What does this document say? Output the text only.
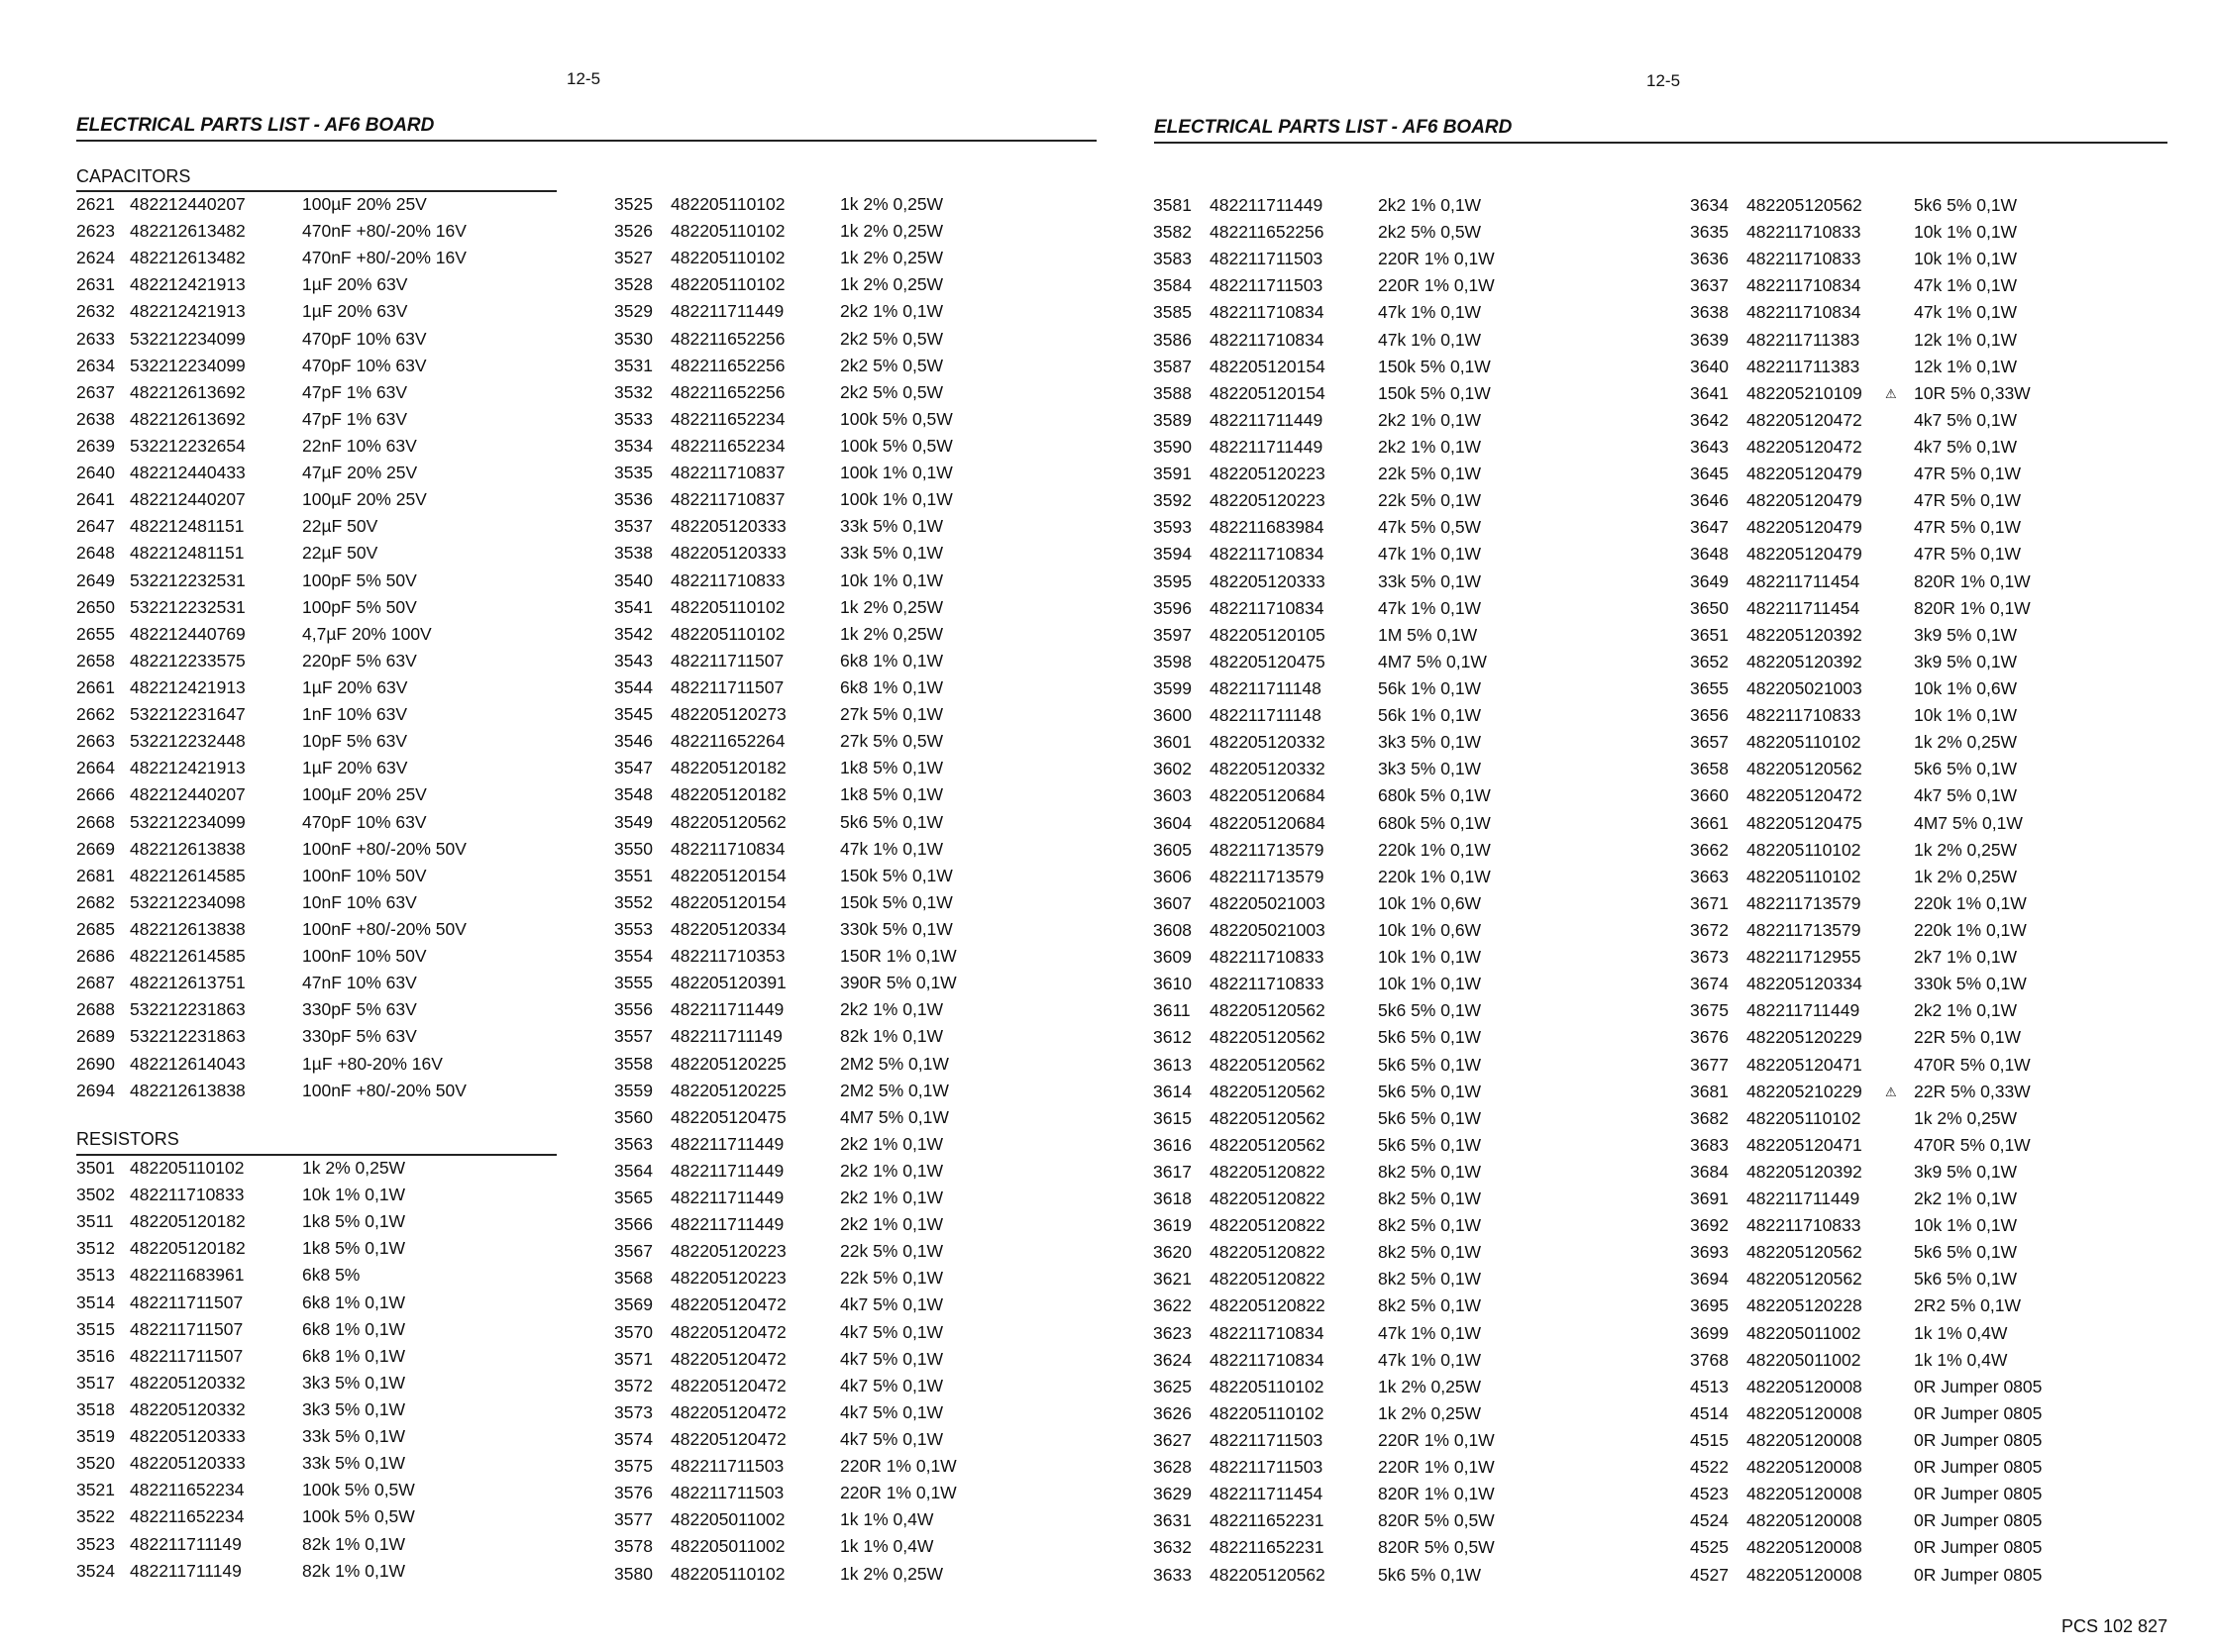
12-5
ELECTRICAL PARTS LIST - AF6 BOARD
CAPACITORS
2621 482212440207	100µF 20% 25V
2623 482212613482	470nF +80/-20% 16V
2624 482212613482	470nF +80/-20% 16V
2631 482212421913	1µF 20% 63V
2632 482212421913	1µF 20% 63V
2633 532212234099	470pF 10% 63V
2634 532212234099	470pF 10% 63V
2637 482212613692	47pF 1% 63V
2638 482212613692	47pF 1% 63V
2639 532212232654	22nF 10% 63V
2640 482212440433	47µF 20% 25V
2641 482212440207	100µF 20% 25V
2647 482212481151	22µF 50V
2648 482212481151	22µF 50V
2649 532212232531	100pF 5% 50V
2650 532212232531	100pF 5% 50V
2655 482212440769	4,7µF 20% 100V
2658 482212233575	220pF 5% 63V
2661 482212421913	1µF 20% 63V
2662 532212231647	1nF 10% 63V
2663 532212232448	10pF 5% 63V
2664 482212421913	1µF 20% 63V
2666 482212440207	100µF 20% 25V
2668 532212234099	470pF 10% 63V
2669 482212613838	100nF +80/-20% 50V
2681 482212614585	100nF 10% 50V
2682 532212234098	10nF 10% 63V
2685 482212613838	100nF +80/-20% 50V
2686 482212614585	100nF 10% 50V
2687 482212613751	47nF 10% 63V
2688 532212231863	330pF 5% 63V
2689 532212231863	330pF 5% 63V
2690 482212614043	1µF +80-20% 16V
2694 482212613838	100nF +80/-20% 50V
RESISTORS
3501 482205110102	1k 2% 0,25W
3502 482211710833	10k 1% 0,1W
3511 482205120182	1k8 5% 0,1W
3512 482205120182	1k8 5% 0,1W
3513 482211683961	6k8 5%
3514 482211711507	6k8 1% 0,1W
3515 482211711507	6k8 1% 0,1W
3516 482211711507	6k8 1% 0,1W
3517 482205120332	3k3 5% 0,1W
3518 482205120332	3k3 5% 0,1W
3519 482205120333	33k 5% 0,1W
3520 482205120333	33k 5% 0,1W
3521 482211652234	100k 5% 0,5W
3522 482211652234	100k 5% 0,5W
3523 482211711149	82k 1% 0,1W
3524 482211711149	82k 1% 0,1W
3525 482205110102	1k 2% 0,25W
3526 482205110102	1k 2% 0,25W
3527 482205110102	1k 2% 0,25W
3528 482205110102	1k 2% 0,25W
3529 482211711449	2k2 1% 0,1W
3530 482211652256	2k2 5% 0,5W
3531 482211652256	2k2 5% 0,5W
3532 482211652256	2k2 5% 0,5W
3533 482211652234	100k 5% 0,5W
3534 482211652234	100k 5% 0,5W
3535 482211710837	100k 1% 0,1W
3536 482211710837	100k 1% 0,1W
3537 482205120333	33k 5% 0,1W
3538 482205120333	33k 5% 0,1W
3540 482211710833	10k 1% 0,1W
3541 482205110102	1k 2% 0,25W
3542 482205110102	1k 2% 0,25W
3543 482211711507	6k8 1% 0,1W
3544 482211711507	6k8 1% 0,1W
3545 482205120273	27k 5% 0,1W
3546 482211652264	27k 5% 0,5W
3547 482205120182	1k8 5% 0,1W
3548 482205120182	1k8 5% 0,1W
3549 482205120562	5k6 5% 0,1W
3550 482211710834	47k 1% 0,1W
3551 482205120154	150k 5% 0,1W
3552 482205120154	150k 5% 0,1W
3553 482205120334	330k 5% 0,1W
3554 482211710353	150R 1% 0,1W
3555 482205120391	390R 5% 0,1W
3556 482211711449	2k2 1% 0,1W
3557 482211711149	82k 1% 0,1W
3558 482205120225	2M2 5% 0,1W
3559 482205120225	2M2 5% 0,1W
3560 482205120475	4M7 5% 0,1W
3563 482211711449	2k2 1% 0,1W
3564 482211711449	2k2 1% 0,1W
3565 482211711449	2k2 1% 0,1W
3566 482211711449	2k2 1% 0,1W
3567 482205120223	22k 5% 0,1W
3568 482205120223	22k 5% 0,1W
3569 482205120472	4k7 5% 0,1W
3570 482205120472	4k7 5% 0,1W
3571 482205120472	4k7 5% 0,1W
3572 482205120472	4k7 5% 0,1W
3573 482205120472	4k7 5% 0,1W
3574 482205120472	4k7 5% 0,1W
3575 482211711503	220R 1% 0,1W
3576 482211711503	220R 1% 0,1W
3577 482205011002	1k 1% 0,4W
3578 482205011002	1k 1% 0,4W
3580 482205110102	1k 2% 0,25W
12-5
ELECTRICAL PARTS LIST - AF6 BOARD
3581 482211711449	2k2 1% 0,1W
3582 482211652256	2k2 5% 0,5W
3583 482211711503	220R 1% 0,1W
3584 482211711503	220R 1% 0,1W
3585 482211710834	47k 1% 0,1W
3586 482211710834	47k 1% 0,1W
3587 482205120154	150k 5% 0,1W
3588 482205120154	150k 5% 0,1W
3589 482211711449	2k2 1% 0,1W
3590 482211711449	2k2 1% 0,1W
3591 482205120223	22k 5% 0,1W
3592 482205120223	22k 5% 0,1W
3593 482211683984	47k 5% 0,5W
3594 482211710834	47k 1% 0,1W
3595 482205120333	33k 5% 0,1W
3596 482211710834	47k 1% 0,1W
3597 482205120105	1M 5% 0,1W
3598 482205120475	4M7 5% 0,1W
3599 482211711148	56k 1% 0,1W
3600 482211711148	56k 1% 0,1W
3601 482205120332	3k3 5% 0,1W
3602 482205120332	3k3 5% 0,1W
3603 482205120684	680k 5% 0,1W
3604 482205120684	680k 5% 0,1W
3605 482211713579	220k 1% 0,1W
3606 482211713579	220k 1% 0,1W
3607 482205021003	10k 1% 0,6W
3608 482205021003	10k 1% 0,6W
3609 482211710833	10k 1% 0,1W
3610 482211710833	10k 1% 0,1W
3611 482205120562	5k6 5% 0,1W
3612 482205120562	5k6 5% 0,1W
3613 482205120562	5k6 5% 0,1W
3614 482205120562	5k6 5% 0,1W
3615 482205120562	5k6 5% 0,1W
3616 482205120562	5k6 5% 0,1W
3617 482205120822	8k2 5% 0,1W
3618 482205120822	8k2 5% 0,1W
3619 482205120822	8k2 5% 0,1W
3620 482205120822	8k2 5% 0,1W
3621 482205120822	8k2 5% 0,1W
3622 482205120822	8k2 5% 0,1W
3623 482211710834	47k 1% 0,1W
3624 482211710834	47k 1% 0,1W
3625 482205110102	1k 2% 0,25W
3626 482205110102	1k 2% 0,25W
3627 482211711503	220R 1% 0,1W
3628 482211711503	220R 1% 0,1W
3629 482211711454	820R 1% 0,1W
3631 482211652231	820R 5% 0,5W
3632 482211652231	820R 5% 0,5W
3633 482205120562	5k6 5% 0,1W
3634 482205120562	5k6 5% 0,1W
3635 482211710833	10k 1% 0,1W
3636 482211710833	10k 1% 0,1W
3637 482211710834	47k 1% 0,1W
3638 482211710834	47k 1% 0,1W
3639 482211711383	12k 1% 0,1W
3640 482211711383	12k 1% 0,1W
3641 482205210109	10R 5% 0,33W
⚠
3642 482205120472	4k7 5% 0,1W
3643 482205120472	4k7 5% 0,1W
3645 482205120479	47R 5% 0,1W
3646 482205120479	47R 5% 0,1W
3647 482205120479	47R 5% 0,1W
3648 482205120479	47R 5% 0,1W
3649 482211711454	820R 1% 0,1W
3650 482211711454	820R 1% 0,1W
3651 482205120392	3k9 5% 0,1W
3652 482205120392	3k9 5% 0,1W
3655 482205021003	10k 1% 0,6W
3656 482211710833	10k 1% 0,1W
3657 482205110102	1k 2% 0,25W
3658 482205120562	5k6 5% 0,1W
3660 482205120472	4k7 5% 0,1W
3661 482205120475	4M7 5% 0,1W
3662 482205110102	1k 2% 0,25W
3663 482205110102	1k 2% 0,25W
3671 482211713579	220k 1% 0,1W
3672 482211713579	220k 1% 0,1W
3673 482211712955	2k7 1% 0,1W
3674 482205120334	330k 5% 0,1W
3675 482211711449	2k2 1% 0,1W
3676 482205120229	22R 5% 0,1W
3677 482205120471	470R 5% 0,1W
3681 482205210229	22R 5% 0,33W
⚠
3682 482205110102	1k 2% 0,25W
3683 482205120471	470R 5% 0,1W
3684 482205120392	3k9 5% 0,1W
3691 482211711449	2k2 1% 0,1W
3692 482211710833	10k 1% 0,1W
3693 482205120562	5k6 5% 0,1W
3694 482205120562	5k6 5% 0,1W
3695 482205120228	2R2 5% 0,1W
3699 482205011002	1k 1% 0,4W
3768 482205011002	1k 1% 0,4W
4513 482205120008	0R Jumper 0805
4514 482205120008	0R Jumper 0805
4515 482205120008	0R Jumper 0805
4522 482205120008	0R Jumper 0805
4523 482205120008	0R Jumper 0805
4524 482205120008	0R Jumper 0805
4525 482205120008	0R Jumper 0805
4527 482205120008	0R Jumper 0805
PCS 102 827
